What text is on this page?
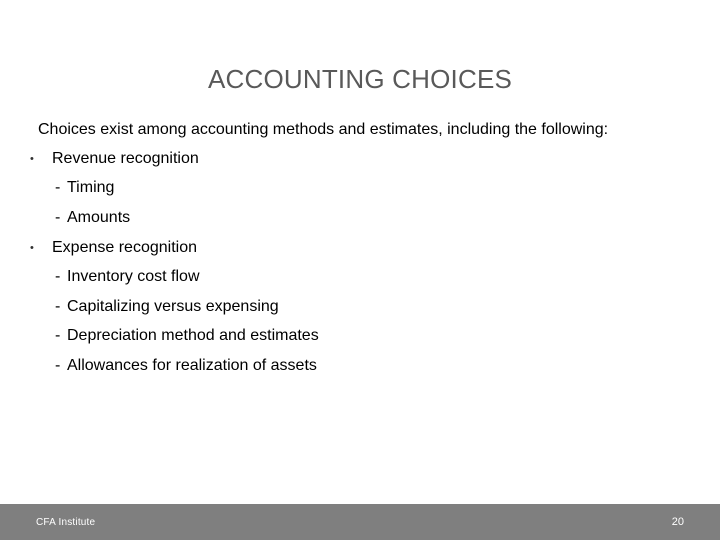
ACCOUNTING CHOICES
Choices exist among accounting methods and estimates, including the following:
• Revenue recognition
- Timing
- Amounts
• Expense recognition
- Inventory cost flow
- Capitalizing versus expensing
- Depreciation method and estimates
- Allowances for realization of assets
CFA Institute	20
